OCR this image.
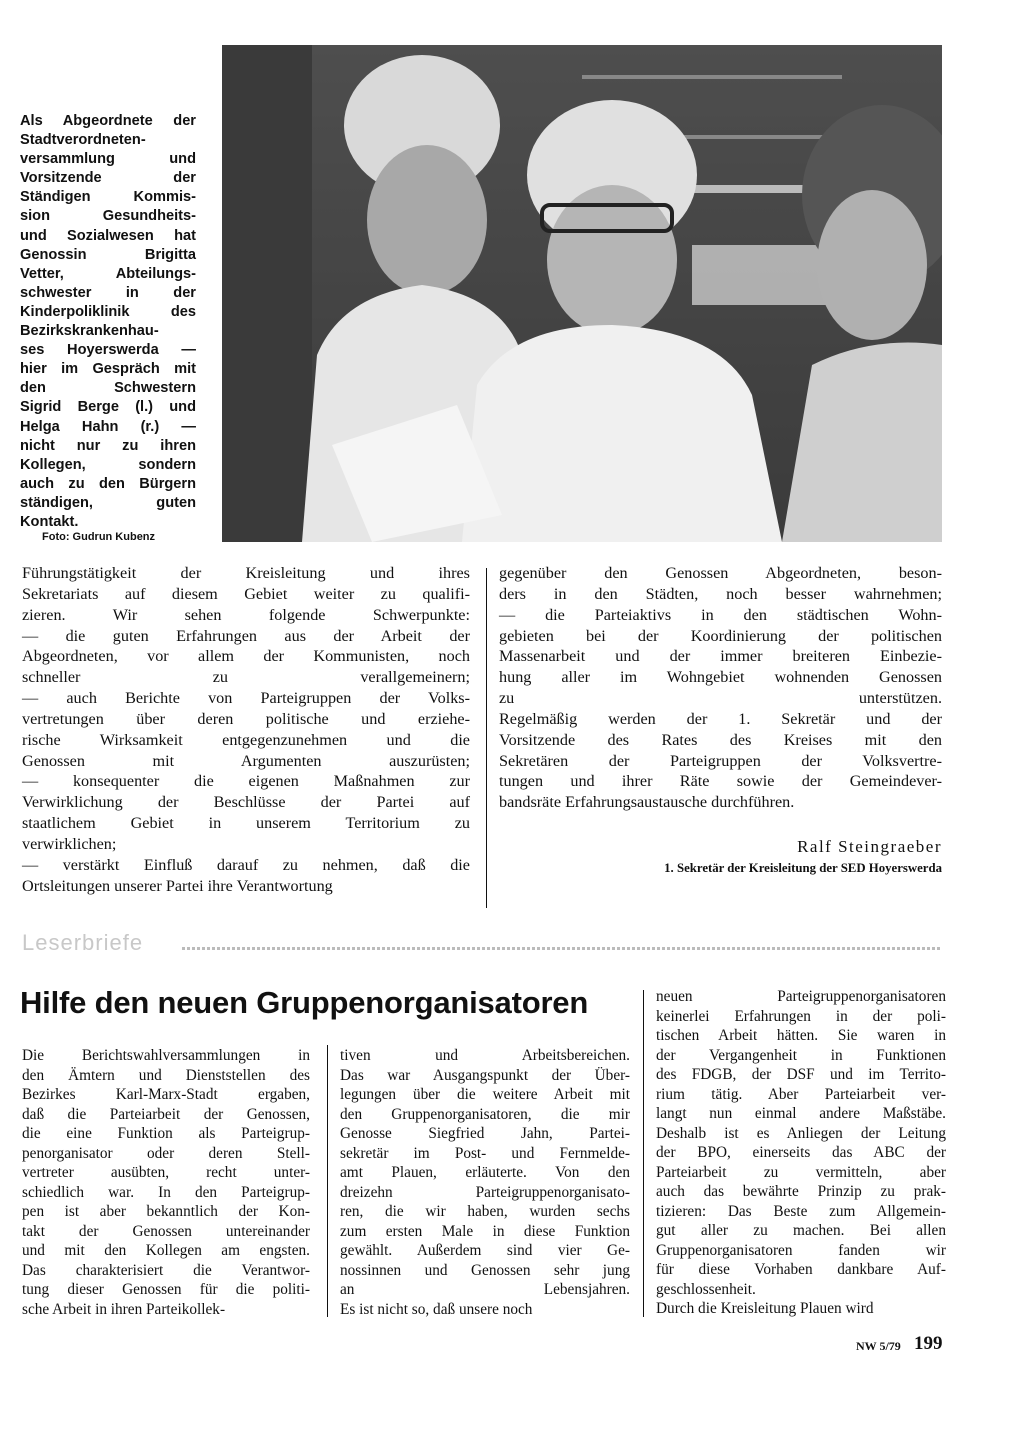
Als Abgeordnete der
Stadtverordneten-
versammlung und
Vorsitzende der
Ständigen Kommis-
sion Gesundheits-
und Sozialwesen hat
Genossin Brigitta
Vetter, Abteilungs-
schwester in der
Kinderpoliklinik des
Bezirkskrankenhau-
ses Hoyerswerda —
hier im Gespräch mit
den Schwestern
Sigrid Berge (l.) und
Helga Hahn (r.) —
nicht nur zu ihren
Kollegen, sondern
auch zu den Bürgern
ständigen, guten
Kontakt.
Foto: Gudrun Kubenz
Führungstätigkeit der Kreisleitung und ihres
Sekretariats auf diesem Gebiet weiter zu qualifi-
zieren. Wir sehen folgende Schwerpunkte:
— die guten Erfahrungen aus der Arbeit der
Abgeordneten, vor allem der Kommunisten, noch
schneller zu verallgemeinern;
— auch Berichte von Parteigruppen der Volks-
vertretungen über deren politische und erziehe-
rische Wirksamkeit entgegenzunehmen und die
Genossen mit Argumenten auszurüsten;
— konsequenter die eigenen Maßnahmen zur
Verwirklichung der Beschlüsse der Partei auf
staatlichem Gebiet in unserem Territorium zu
verwirklichen;
— verstärkt Einfluß darauf zu nehmen, daß die
Ortsleitungen unserer Partei ihre Verantwortung
gegenüber den Genossen Abgeordneten, beson-
ders in den Städten, noch besser wahrnehmen;
— die Parteiaktivs in den städtischen Wohn-
gebieten bei der Koordinierung der politischen
Massenarbeit und der immer breiteren Einbezie-
hung aller im Wohngebiet wohnenden Genossen
zu unterstützen.
Regelmäßig werden der 1. Sekretär und der
Vorsitzende des Rates des Kreises mit den
Sekretären der Parteigruppen der Volksvertre-
tungen und ihrer Räte sowie der Gemeindever-
bandsräte Erfahrungsaustausche durchführen.
Ralf Steingraeber
1. Sekretär der Kreisleitung der SED Hoyerswerda
Leserbriefe
Hilfe den neuen Gruppenorganisatoren
Die Berichtswahlversammlungen in
den Ämtern und Dienststellen des
Bezirkes Karl-Marx-Stadt ergaben,
daß die Parteiarbeit der Genossen,
die eine Funktion als Parteigrup-
penorganisator oder deren Stell-
vertreter ausübten, recht unter-
schiedlich war. In den Parteigrup-
pen ist aber bekanntlich der Kon-
takt der Genossen untereinander
und mit den Kollegen am engsten.
Das charakterisiert die Verantwor-
tung dieser Genossen für die politi-
sche Arbeit in ihren Parteikollek-
tiven und Arbeitsbereichen.
Das war Ausgangspunkt der Über-
legungen über die weitere Arbeit mit
den Gruppenorganisatoren, die mir
Genosse Siegfried Jahn, Partei-
sekretär im Post- und Fernmelde-
amt Plauen, erläuterte. Von den
dreizehn Parteigruppenorganisato-
ren, die wir haben, wurden sechs
zum ersten Male in diese Funktion
gewählt. Außerdem sind vier Ge-
nossinnen und Genossen sehr jung
an Lebensjahren.
Es ist nicht so, daß unsere noch
neuen Parteigruppenorganisatoren
keinerlei Erfahrungen in der poli-
tischen Arbeit hätten. Sie waren in
der Vergangenheit in Funktionen
des FDGB, der DSF und im Territo-
rium tätig. Aber Parteiarbeit ver-
langt nun einmal andere Maßstäbe.
Deshalb ist es Anliegen der Leitung
der BPO, einerseits das ABC der
Parteiarbeit zu vermitteln, aber
auch das bewährte Prinzip zu prak-
tizieren: Das Beste zum Allgemein-
gut aller zu machen. Bei allen
Gruppenorganisatoren fanden wir
für diese Vorhaben dankbare Auf-
geschlossenheit.
Durch die Kreisleitung Plauen wird
NW 5/79 199
